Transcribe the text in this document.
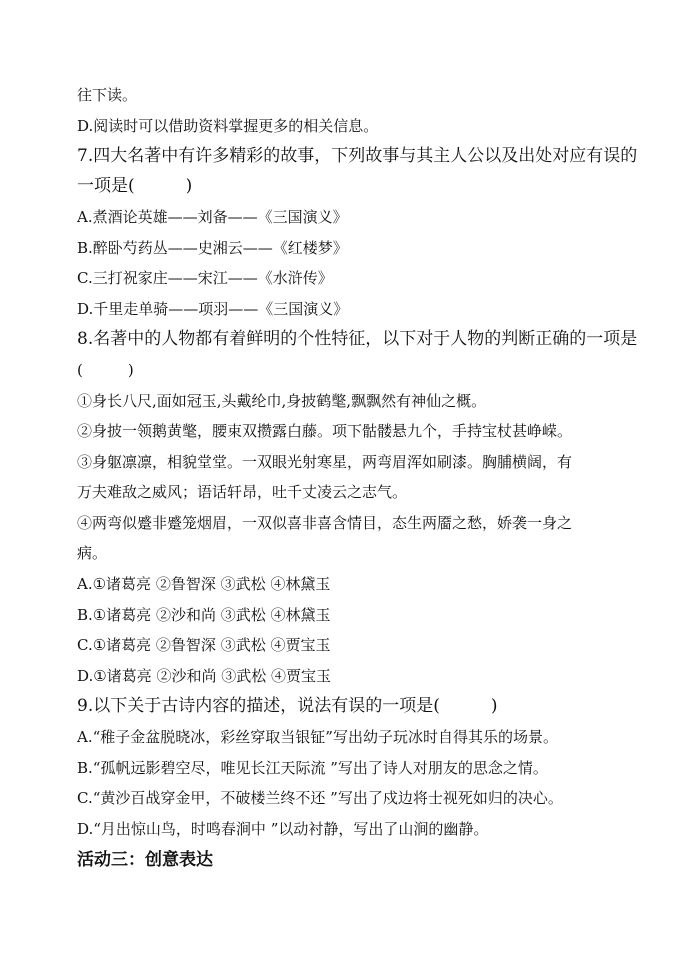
往下读。
D.阅读时可以借助资料掌握更多的相关信息。
7.四大名著中有许多精彩的故事，下列故事与其主人公以及出处对应有误的
一项是(　　　)
A.煮酒论英雄——刘备——《三国演义》
B.醉卧芍药丛——史湘云——《红楼梦》
C.三打祝家庄——宋江——《水浒传》
D.千里走单骑——项羽——《三国演义》
8.名著中的人物都有着鲜明的个性特征，以下对于人物的判断正确的一项是
(　　　)
①身长八尺,面如冠玉,头戴纶巾,身披鹤氅,飘飘然有神仙之概。
②身披一领鹅黄氅，腰束双攒露白藤。项下骷髅悬九个，手持宝杖甚峥嵘。
③身躯凛凛，相貌堂堂。一双眼光射寒星，两弯眉浑如刷漆。胸脯横阔，有
万夫难敌之威风；语话轩昂，吐千丈凌云之志气。
④两弯似蹙非蹙笼烟眉，一双似喜非喜含情目，态生两靥之愁，娇袭一身之
病。
A.①诸葛亮 ②鲁智深 ③武松 ④林黛玉
B.①诸葛亮 ②沙和尚 ③武松 ④林黛玉
C.①诸葛亮 ②鲁智深 ③武松 ④贾宝玉
D.①诸葛亮 ②沙和尚 ③武松 ④贾宝玉
9.以下关于古诗内容的描述，说法有误的一项是(　　　)
A.“稚子金盆脱晓冰，彩丝穿取当银钲”写出幼子玩冰时自得其乐的场景。
B.“孤帆远影碧空尽，唯见长江天际流 ”写出了诗人对朋友的思念之情。
C.“黄沙百战穿金甲，不破楼兰终不还 ”写出了戍边将士视死如归的决心。
D.“月出惊山鸟，时鸣春涧中 ”以动衬静，写出了山涧的幽静。
活动三：创意表达
